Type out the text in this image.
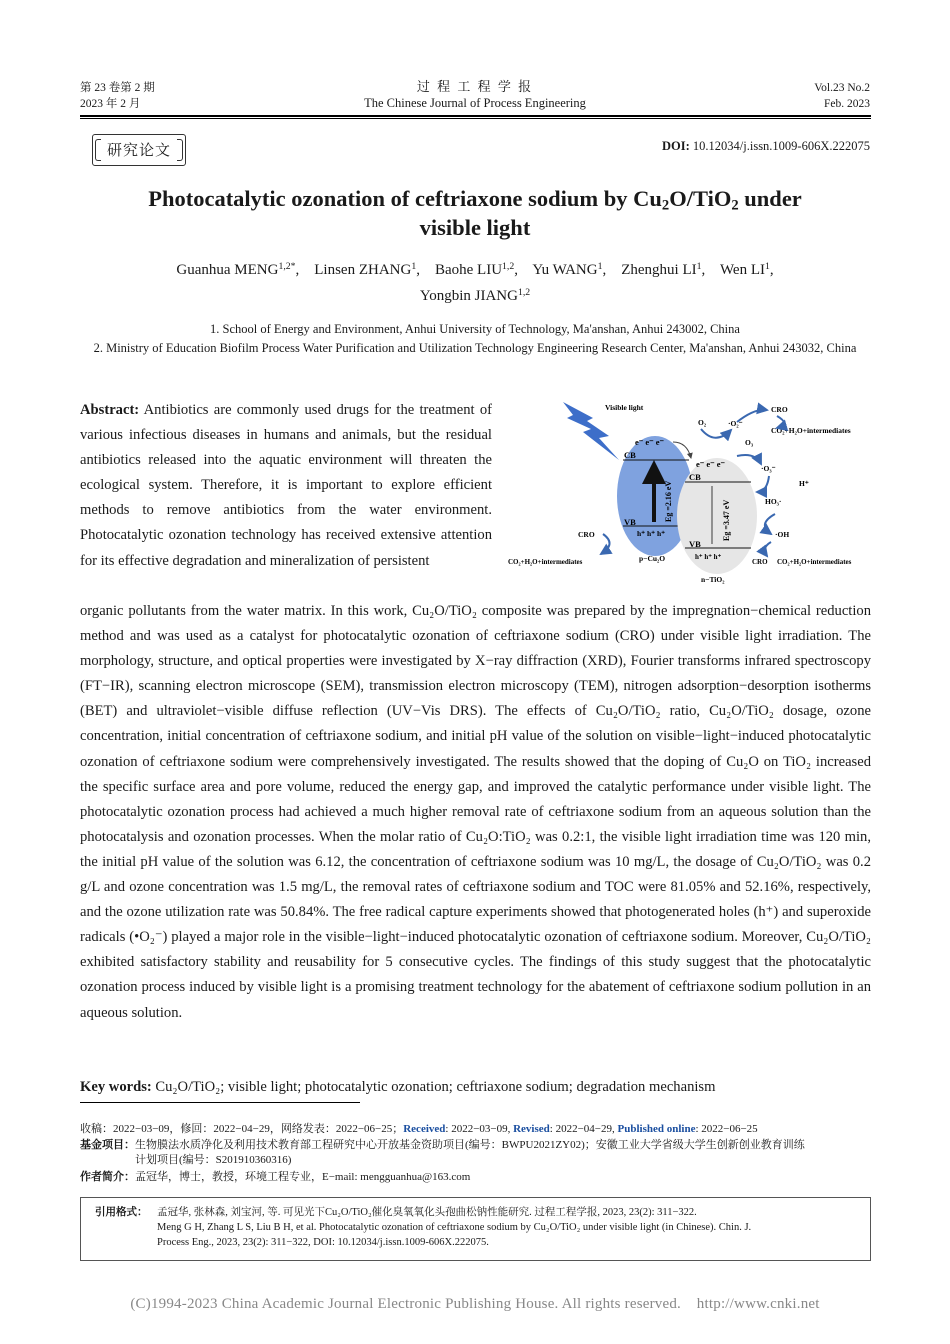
第 23 卷第 2 期
2023 年 2 月
过 程 工 程 学 报
The Chinese Journal of Process Engineering
Vol.23 No.2
Feb. 2023
研究论文	DOI: 10.12034/j.issn.1009-606X.222075
Photocatalytic ozonation of ceftriaxone sodium by $Cu_2O/TiO_2$ under
visible light
Guanhua $MENG^{1,2*}$,    Linsen ZHANG$^1$,    Baohe LIU$^{1,2}$,    Yu WANG$^1$,    Zhenghui $LI^1$,    Wen $LI^1$,
Yongbin JIANG$^{1,2}$
1. School of Energy and Environment, Anhui University of Technology, Ma'anshan, Anhui 243002, China
2. Ministry of Education Biofilm Process Water Purification and Utilization Technology Engineering Research Center, Ma'anshan, Anhui 243032, China
Abstract: Antibiotics are commonly used drugs for the treatment of various infectious diseases in humans and animals, but the residual antibiotics released into the aquatic environment will threaten the ecological system. Therefore, it is important to explore efficient methods to remove antibiotics from the water environment. Photocatalytic ozonation technology has received extensive attention for its effective degradation and mineralization of persistent
organic pollutants from the water matrix. In this work, Cu₂O/TiO₂ composite was prepared by the impregnation−chemical reduction method and was used as a catalyst for photocatalytic ozonation of ceftriaxone sodium (CRO) under visible light irradiation. The morphology, structure, and optical properties were investigated by X−ray diffraction (XRD), Fourier transforms infrared spectroscopy (FT−IR), scanning electron microscope (SEM), transmission electron microscopy (TEM), nitrogen adsorption−desorption isotherms (BET) and ultraviolet−visible diffuse reflection (UV−Vis DRS). The effects of Cu₂O/TiO₂ ratio, Cu₂O/TiO₂ dosage, ozone concentration, initial concentration of ceftriaxone sodium, and initial pH value of the solution on visible−light−induced photocatalytic ozonation of ceftriaxone sodium were comprehensively investigated. The results showed that the doping of Cu₂O on TiO₂ increased the specific surface area and pore volume, reduced the energy gap, and improved the catalytic performance under visible light. The photocatalytic ozonation process had achieved a much higher removal rate of ceftriaxone sodium from an aqueous solution than the photocatalysis and ozonation processes. When the molar ratio of Cu₂O:TiO₂ was 0.2:1, the visible light irradiation time was 120 min, the initial pH value of the solution was 6.12, the concentration of ceftriaxone sodium was 10 mg/L, the dosage of Cu₂O/TiO₂ was 0.2 g/L and ozone concentration was 1.5 mg/L, the removal rates of ceftriaxone sodium and TOC were 81.05% and 52.16%, respectively, and the ozone utilization rate was 50.84%. The free radical capture experiments showed that photogenerated holes (h⁺) and superoxide radicals (•O₂⁻) played a major role in the visible−light−induced photocatalytic ozonation of ceftriaxone sodium. Moreover, Cu₂O/TiO₂ exhibited satisfactory stability and reusability for 5 consecutive cycles. The findings of this study suggest that the photocatalytic ozonation process induced by visible light is a promising treatment technology for the abatement of ceftriaxone sodium pollution in an aqueous solution.
Key words: Cu₂O/TiO₂; visible light; photocatalytic ozonation; ceftriaxone sodium; degradation mechanism
Visible light
e⁻ e⁻ e⁻
CB
VB
h⁺ h⁺ h⁺
Eg =2.16 eV
p−Cu₂O
e⁻ e⁻ e⁻
CB
VB
h⁺ h⁺ h⁺
Eg =3.47 eV
n−TiO₂
O₂	·O₂⁻
O₃
CRO
CO₂+H₂O+intermediates
·O₃⁻
H⁺
HO₃·
·OH
CRO CO₂+H₂O+intermediates
CRO
CO₂+H₂O+intermediates
收稿：2022−03−09，修回：2022−04−29，网络发表：2022−06−25；Received: 2022−03−09, Revised: 2022−04−29, Published online: 2022−06−25
基金项目：生物膜法水质净化及利用技术教育部工程研究中心开放基金资助项目(编号：BWPU2021ZY02)；安徽工业大学省级大学生创新创业教育训练
计划项目(编号：S201910360316)
作者简介：孟冠华，博士，教授，环境工程专业，E−mail: mengguanhua@163.com
引用格式： 孟冠华, 张林森, 刘宝河, 等. 可见光下Cu₂O/TiO₂催化臭氧氧化头孢曲松钠性能研究. 过程工程学报, 2023, 23(2): 311−322.
Meng G H, Zhang L S, Liu B H, et al. Photocatalytic ozonation of ceftriaxone sodium by Cu₂O/TiO₂ under visible light (in Chinese). Chin. J.
Process Eng., 2023, 23(2): 311−322, DOI: 10.12034/j.issn.1009-606X.222075.
(C)1994-2023 China Academic Journal Electronic Publishing House. All rights reserved.    http://www.cnki.net
